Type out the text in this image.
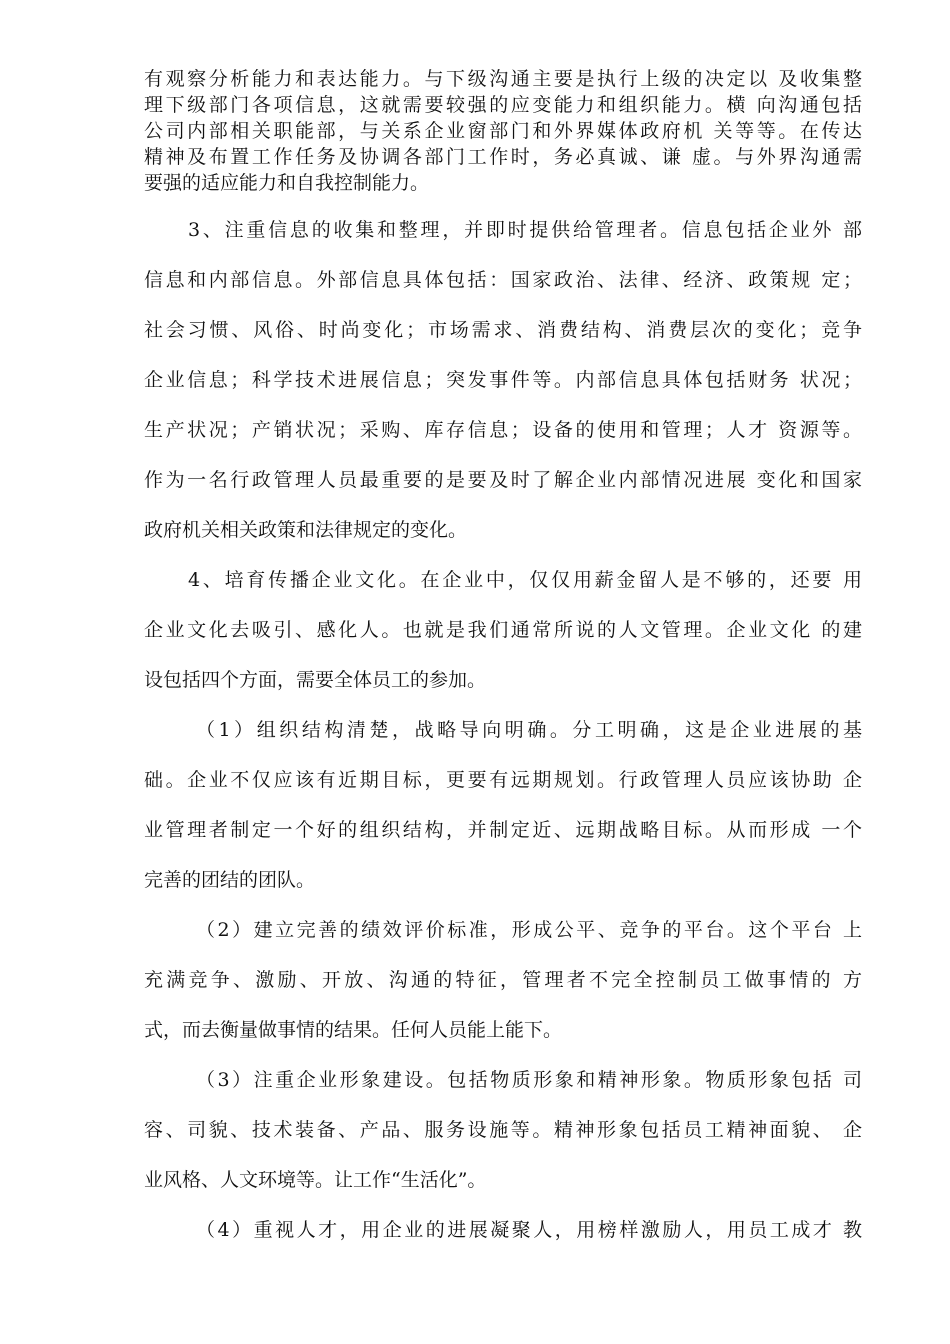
有观察分析能力和表达能力。与下级沟通主要是执行上级的决定以 及收集整
理下级部门各项信息，这就需要较强的应变能力和组织能力。横 向沟通包括
公司内部相关职能部，与关系企业窗部门和外界媒体政府机 关等等。在传达
精神及布置工作任务及协调各部门工作时，务必真诚、谦 虚。与外界沟通需
要强的适应能力和自我控制能力。
3、注重信息的收集和整理，并即时提供给管理者。信息包括企业外 部
信息和内部信息。外部信息具体包括：国家政治、法律、经济、政策规 定；
社会习惯、风俗、时尚变化；市场需求、消费结构、消费层次的变化；竞争
企业信息；科学技术进展信息；突发事件等。内部信息具体包括财务 状况；
生产状况；产销状况；采购、库存信息；设备的使用和管理；人才 资源等。
作为一名行政管理人员最重要的是要及时了解企业内部情况进展 变化和国家
政府机关相关政策和法律规定的变化。
4、培育传播企业文化。在企业中，仅仅用薪金留人是不够的，还要 用
企业文化去吸引、感化人。也就是我们通常所说的人文管理。企业文化 的建
设包括四个方面，需要全体员工的参加。
（1）组织结构清楚，战略导向明确。分工明确，这是企业进展的基
础。企业不仅应该有近期目标，更要有远期规划。行政管理人员应该协助 企
业管理者制定一个好的组织结构，并制定近、远期战略目标。从而形成 一个
完善的团结的团队。
（2）建立完善的绩效评价标准，形成公平、竞争的平台。这个平台 上
充满竞争、激励、开放、沟通的特征，管理者不完全控制员工做事情的 方
式，而去衡量做事情的结果。任何人员能上能下。
（3）注重企业形象建设。包括物质形象和精神形象。物质形象包括 司
容、司貌、技术装备、产品、服务设施等。精神形象包括员工精神面貌、 企
业风格、人文环境等。让工作“生活化”。
（4）重视人才，用企业的进展凝聚人，用榜样激励人，用员工成才 教
